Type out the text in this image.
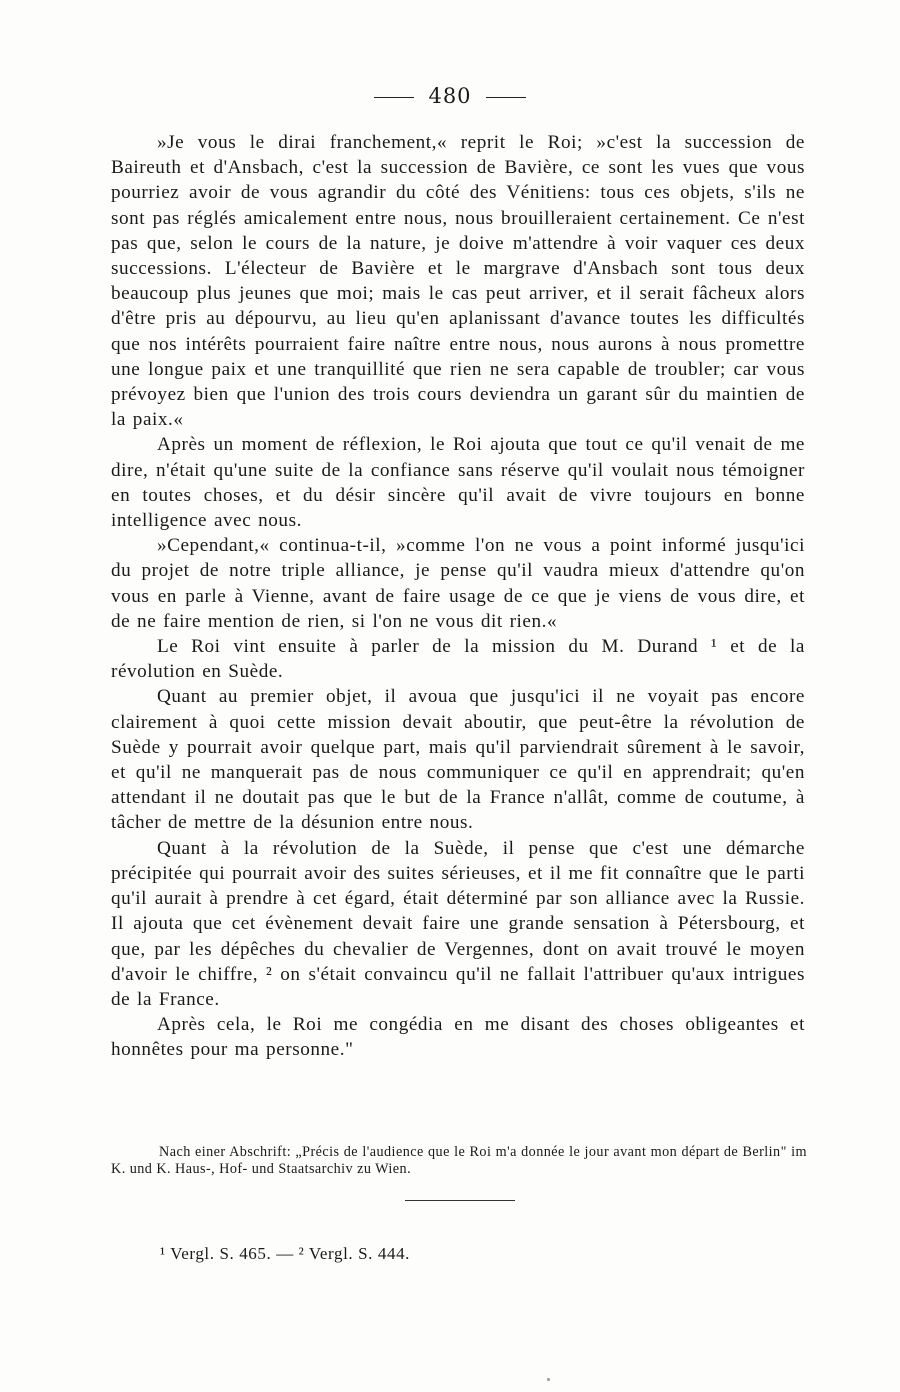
480

»Je vous le dirai franchement,« reprit le Roi; »c'est la succession de Baireuth et d'Ansbach, c'est la succession de Bavière, ce sont les vues que vous pourriez avoir de vous agrandir du côté des Vénitiens: tous ces objets, s'ils ne sont pas réglés amicalement entre nous, nous brouilleraient certainement. Ce n'est pas que, selon le cours de la nature, je doive m'attendre à voir vaquer ces deux successions. L'électeur de Bavière et le margrave d'Ansbach sont tous deux beaucoup plus jeunes que moi; mais le cas peut arriver, et il serait fâcheux alors d'être pris au dépourvu, au lieu qu'en aplanissant d'avance toutes les difficultés que nos intérêts pourraient faire naître entre nous, nous aurons à nous promettre une longue paix et une tranquillité que rien ne sera capable de troubler; car vous prévoyez bien que l'union des trois cours deviendra un garant sûr du maintien de la paix.«

Après un moment de réflexion, le Roi ajouta que tout ce qu'il venait de me dire, n'était qu'une suite de la confiance sans réserve qu'il voulait nous témoigner en toutes choses, et du désir sincère qu'il avait de vivre toujours en bonne intelligence avec nous.

»Cependant,« continua-t-il, »comme l'on ne vous a point informé jusqu'ici du projet de notre triple alliance, je pense qu'il vaudra mieux d'attendre qu'on vous en parle à Vienne, avant de faire usage de ce que je viens de vous dire, et de ne faire mention de rien, si l'on ne vous dit rien.«

Le Roi vint ensuite à parler de la mission du M. Durand ¹ et de la révolution en Suède.

Quant au premier objet, il avoua que jusqu'ici il ne voyait pas encore clairement à quoi cette mission devait aboutir, que peut-être la révolution de Suède y pourrait avoir quelque part, mais qu'il parviendrait sûrement à le savoir, et qu'il ne manquerait pas de nous communiquer ce qu'il en apprendrait; qu'en attendant il ne doutait pas que le but de la France n'allât, comme de coutume, à tâcher de mettre de la désunion entre nous.

Quant à la révolution de la Suède, il pense que c'est une démarche précipitée qui pourrait avoir des suites sérieuses, et il me fit connaître que le parti qu'il aurait à prendre à cet égard, était déterminé par son alliance avec la Russie. Il ajouta que cet évènement devait faire une grande sensation à Pétersbourg, et que, par les dépêches du chevalier de Vergennes, dont on avait trouvé le moyen d'avoir le chiffre, ² on s'était convaincu qu'il ne fallait l'attribuer qu'aux intrigues de la France.

Après cela, le Roi me congédia en me disant des choses obligeantes et honnêtes pour ma personne."

Nach einer Abschrift: „Précis de l'audience que le Roi m'a donnée le jour avant mon départ de Berlin" im K. und K. Haus-, Hof- und Staatsarchiv zu Wien.

¹ Vergl. S. 465. — ² Vergl. S. 444.
